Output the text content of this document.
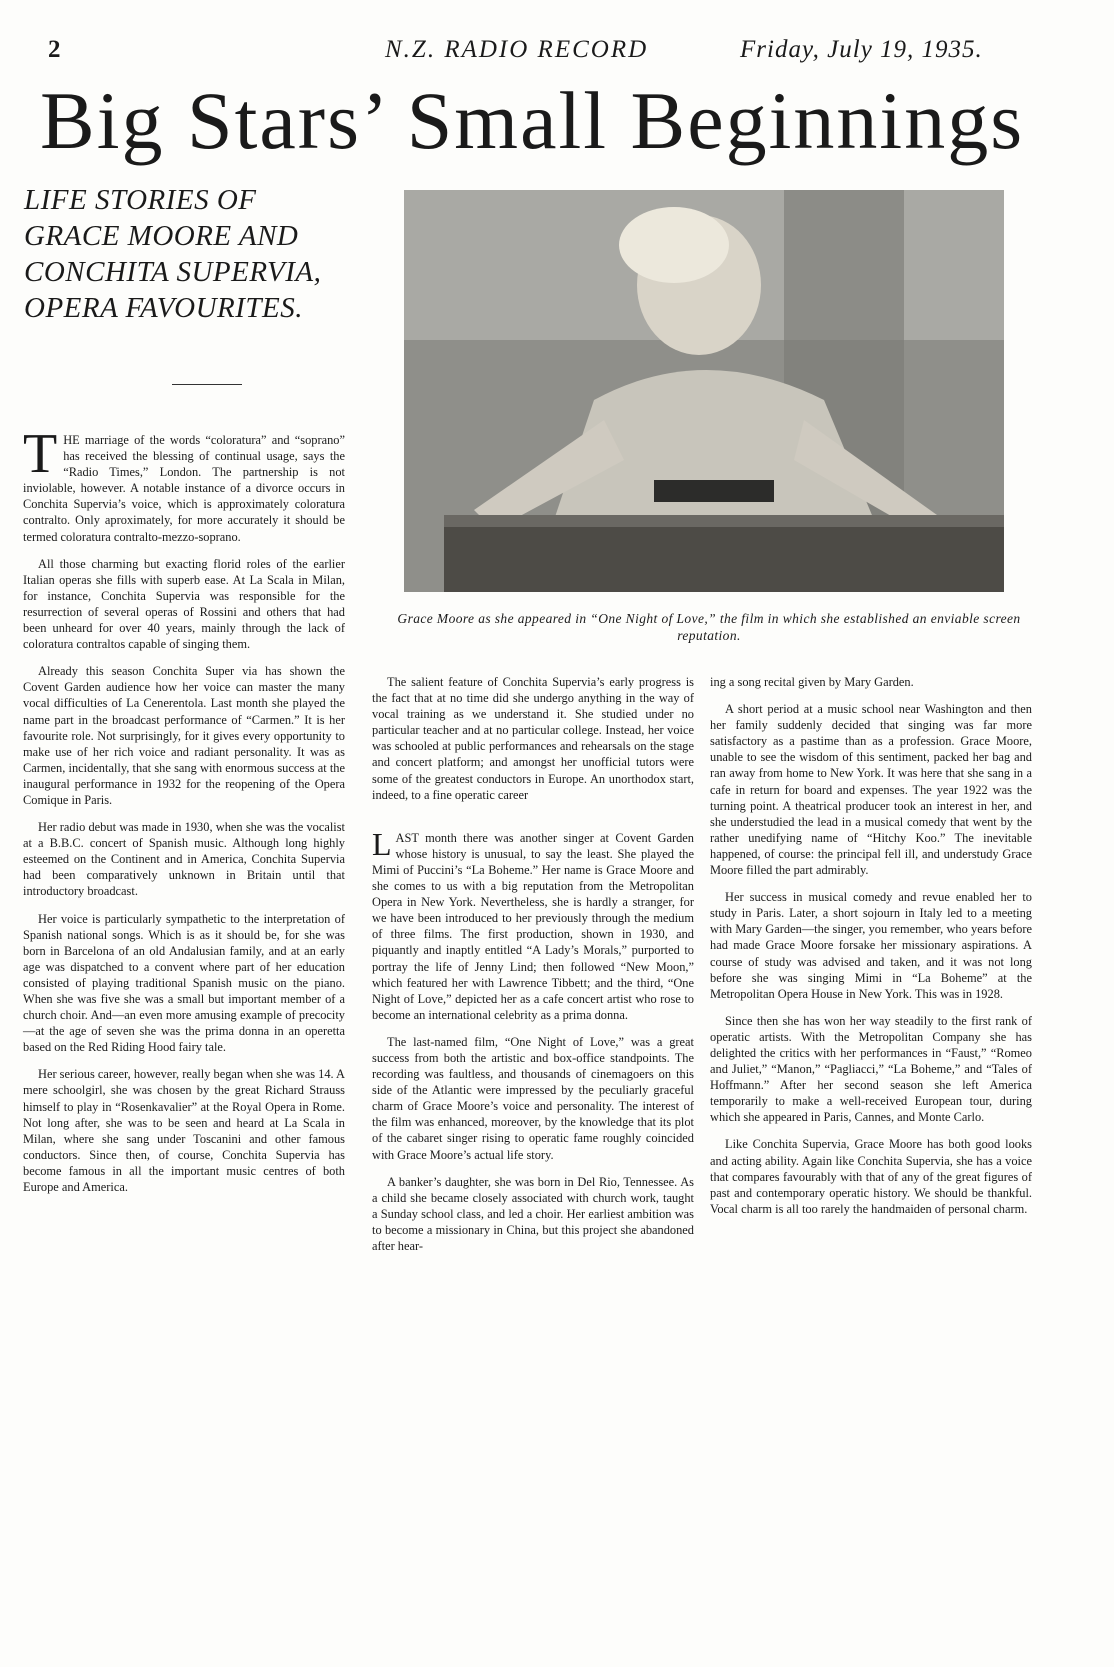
2	N.Z. RADIO RECORD	Friday, July 19, 1935.
Big Stars’ Small Beginnings
LIFE STORIES OF GRACE MOORE AND CONCHITA SUPERVIA, OPERA FAVOURITES.
Grace Moore as she appeared in “One Night of Love,” the film in which she established an enviable screen reputation.

THE marriage of the words “coloratura” and “soprano” has received the blessing of continual usage, says the “Radio Times,” London. The partnership is not inviolable, however. A notable instance of a divorce occurs in Conchita Supervia’s voice, which is approximately coloratura contralto. Only aproximately, for more accurately it should be termed coloratura contralto-mezzo-soprano.

All those charming but exacting florid roles of the earlier Italian operas she fills with superb ease. At La Scala in Milan, for instance, Conchita Supervia was responsible for the resurrection of several operas of Rossini and others that had been unheard for over 40 years, mainly through the lack of coloratura contraltos capable of singing them.

Already this season Conchita Super via has shown the Covent Garden audience how her voice can master the many vocal difficulties of La Cenerentola. Last month she played the name part in the broadcast performance of “Carmen.” It is her favourite role. Not surprisingly, for it gives every opportunity to make use of her rich voice and radiant personality. It was as Carmen, incidentally, that she sang with enormous success at the inaugural performance in 1932 for the reopening of the Opera Comique in Paris.

Her radio debut was made in 1930, when she was the vocalist at a B.B.C. concert of Spanish music. Although long highly esteemed on the Continent and in America, Conchita Supervia had been comparatively unknown in Britain until that introductory broadcast.

Her voice is particularly sympathetic to the interpretation of Spanish national songs. Which is as it should be, for she was born in Barcelona of an old Andalusian family, and at an early age was dispatched to a convent where part of her education consisted of playing traditional Spanish music on the piano. When she was five she was a small but important member of a church choir. And—an even more amusing example of precocity—at the age of seven she was the prima donna in an operetta based on the Red Riding Hood fairy tale.

Her serious career, however, really began when she was 14. A mere schoolgirl, she was chosen by the great Richard Strauss himself to play in “Rosenkavalier” at the Royal Opera in Rome. Not long after, she was to be seen and heard at La Scala in Milan, where she sang under Toscanini and other famous conductors. Since then, of course, Conchita Supervia has become famous in all the important music centres of both Europe and America.

The salient feature of Conchita Supervia’s early progress is the fact that at no time did she undergo anything in the way of vocal training as we understand it. She studied under no particular teacher and at no particular college. Instead, her voice was schooled at public performances and rehearsals on the stage and concert platform; and amongst her unofficial tutors were some of the greatest conductors in Europe. An unorthodox start, indeed, to a fine operatic career

LAST month there was another singer at Covent Garden whose history is unusual, to say the least. She played the Mimi of Puccini’s “La Boheme.” Her name is Grace Moore and she comes to us with a big reputation from the Metropolitan Opera in New York. Nevertheless, she is hardly a stranger, for we have been introduced to her previously through the medium of three films. The first production, shown in 1930, and piquantly and inaptly entitled “A Lady’s Morals,” purported to portray the life of Jenny Lind; then followed “New Moon,” which featured her with Lawrence Tibbett; and the third, “One Night of Love,” depicted her as a cafe concert artist who rose to become an international celebrity as a prima donna.

The last-named film, “One Night of Love,” was a great success from both the artistic and box-office standpoints. The recording was faultless, and thousands of cinemagoers on this side of the Atlantic were impressed by the peculiarly graceful charm of Grace Moore’s voice and personality. The interest of the film was enhanced, moreover, by the knowledge that its plot of the cabaret singer rising to operatic fame roughly coincided with Grace Moore’s actual life story.

A banker’s daughter, she was born in Del Rio, Tennessee. As a child she became closely associated with church work, taught a Sunday school class, and led a choir. Her earliest ambition was to become a missionary in China, but this project she abandoned after hear-

ing a song recital given by Mary Garden.

A short period at a music school near Washington and then her family suddenly decided that singing was far more satisfactory as a pastime than as a profession. Grace Moore, unable to see the wisdom of this sentiment, packed her bag and ran away from home to New York. It was here that she sang in a cafe in return for board and expenses. The year 1922 was the turning point. A theatrical producer took an interest in her, and she understudied the lead in a musical comedy that went by the rather unedifying name of “Hitchy Koo.” The inevitable happened, of course: the principal fell ill, and understudy Grace Moore filled the part admirably.

Her success in musical comedy and revue enabled her to study in Paris. Later, a short sojourn in Italy led to a meeting with Mary Garden—the singer, you remember, who years before had made Grace Moore forsake her missionary aspirations. A course of study was advised and taken, and it was not long before she was singing Mimi in “La Boheme” at the Metropolitan Opera House in New York. This was in 1928.

Since then she has won her way steadily to the first rank of operatic artists. With the Metropolitan Company she has delighted the critics with her performances in “Faust,” “Romeo and Juliet,” “Manon,” “Pagliacci,” “La Boheme,” and “Tales of Hoffmann.” After her second season she left America temporarily to make a well-received European tour, during which she appeared in Paris, Cannes, and Monte Carlo.

Like Conchita Supervia, Grace Moore has both good looks and acting ability. Again like Conchita Supervia, she has a voice that compares favourably with that of any of the great figures of past and contemporary operatic history. We should be thankful. Vocal charm is all too rarely the handmaiden of personal charm.
